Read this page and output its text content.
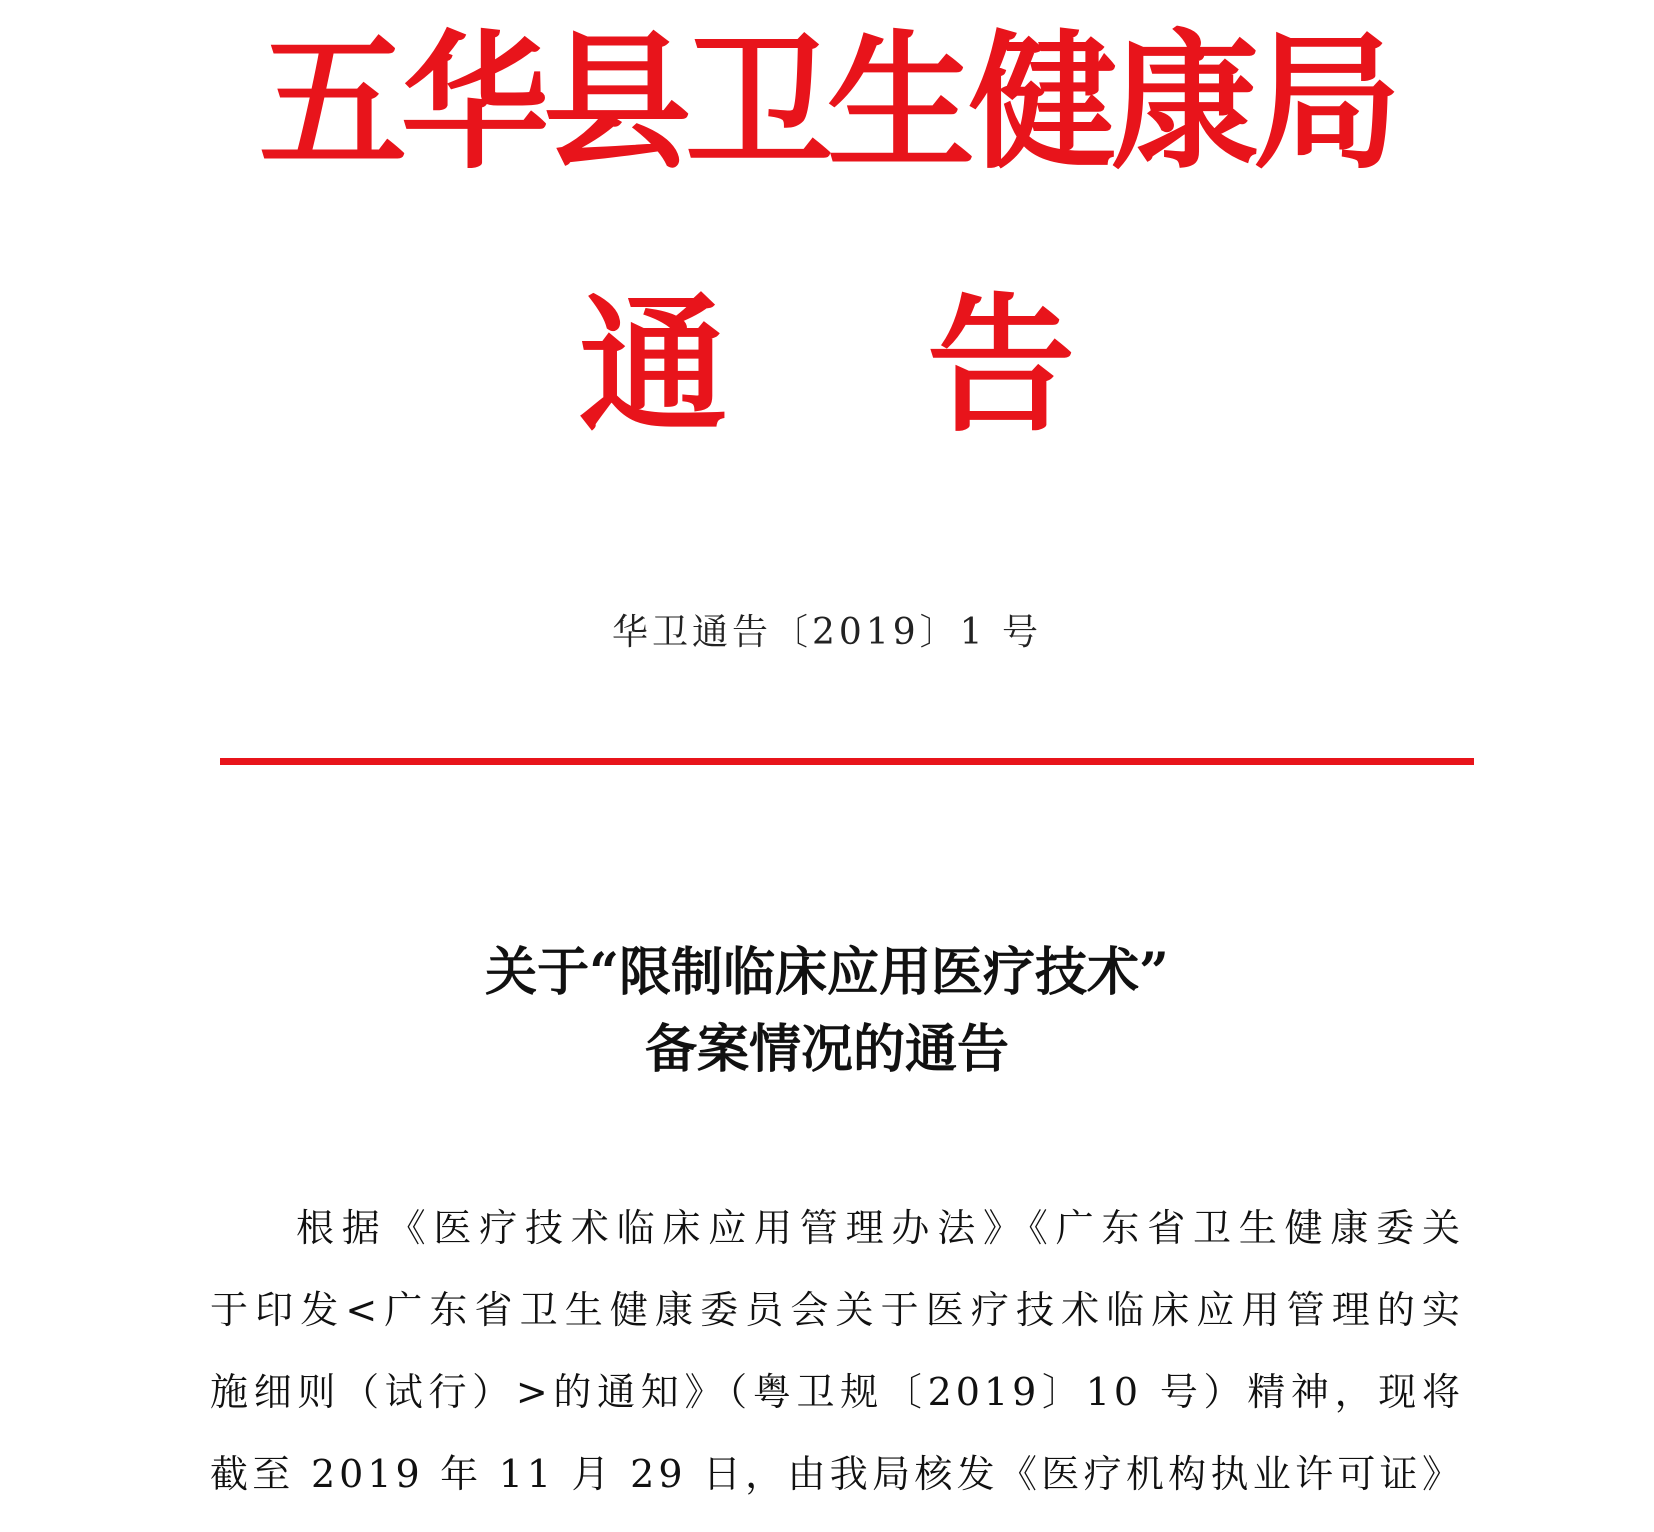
五华县卫生健康局
通 告
华卫通告〔2019〕1 号
关于“限制临床应用医疗技术”
备案情况的通告
根据《医疗技术临床应用管理办法》《广东省卫生健康委关
于印发<广东省卫生健康委员会关于医疗技术临床应用管理的实
施细则（试行）>的通知》（粤卫规〔2019〕10 号）精神，现将
截至 2019 年 11 月 29 日，由我局核发《医疗机构执业许可证》
